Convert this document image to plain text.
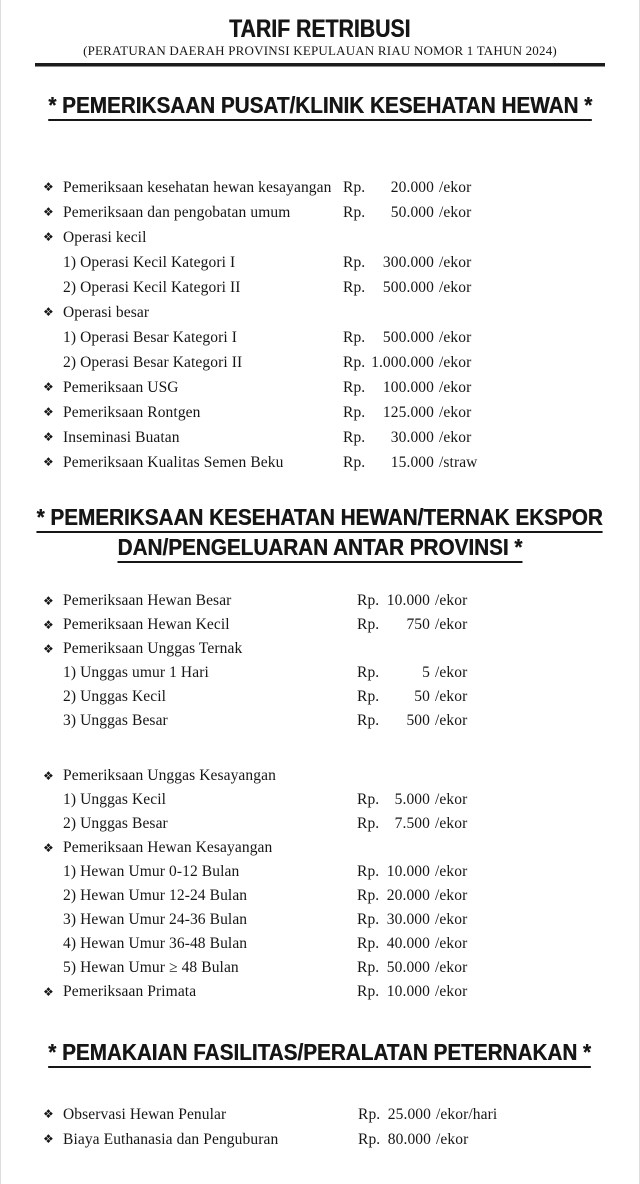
TARIF RETRIBUSI
(PERATURAN DAERAH PROVINSI KEPULAUAN RIAU NOMOR 1 TAHUN 2024)
* PEMERIKSAAN PUSAT/KLINIK KESEHATAN HEWAN *
❖ Pemeriksaan kesehatan hewan kesayangan Rp.	20.000 /ekor
❖ Pemeriksaan dan pengobatan umum	Rp.	50.000 /ekor
❖ Operasi kecil
1) Operasi Kecil Kategori I	Rp.	300.000 /ekor
2) Operasi Kecil Kategori II	Rp.	500.000 /ekor
❖ Operasi besar
1) Operasi Besar Kategori I	Rp.	500.000 /ekor
2) Operasi Besar Kategori II	Rp. 1.000.000 /ekor
❖ Pemeriksaan USG	Rp.	100.000 /ekor
❖ Pemeriksaan Rontgen	Rp.	125.000 /ekor
❖ Inseminasi Buatan	Rp.	30.000 /ekor
❖ Pemeriksaan Kualitas Semen Beku	Rp.	15.000 /straw
* PEMERIKSAAN KESEHATAN HEWAN/TERNAK EKSPOR
DAN/PENGELUARAN ANTAR PROVINSI *
❖ Pemeriksaan Hewan Besar	Rp. 10.000 /ekor
❖ Pemeriksaan Hewan Kecil	Rp.	750 /ekor
❖ Pemeriksaan Unggas Ternak
1) Unggas umur 1 Hari	Rp.	5 /ekor
2) Unggas Kecil	Rp.	50 /ekor
3) Unggas Besar	Rp.	500 /ekor
❖ Pemeriksaan Unggas Kesayangan
1) Unggas Kecil	Rp. 5.000 /ekor
2) Unggas Besar	Rp. 7.500 /ekor
❖ Pemeriksaan Hewan Kesayangan
1) Hewan Umur 0-12 Bulan	Rp. 10.000 /ekor
2) Hewan Umur 12-24 Bulan	Rp. 20.000 /ekor
3) Hewan Umur 24-36 Bulan	Rp. 30.000 /ekor
4) Hewan Umur 36-48 Bulan	Rp. 40.000 /ekor
5) Hewan Umur ≥ 48 Bulan	Rp. 50.000 /ekor
❖ Pemeriksaan Primata	Rp. 10.000 /ekor
* PEMAKAIAN FASILITAS/PERALATAN PETERNAKAN *
❖ Observasi Hewan Penular	Rp. 25.000 /ekor/hari
❖ Biaya Euthanasia dan Penguburan	Rp. 80.000 /ekor
